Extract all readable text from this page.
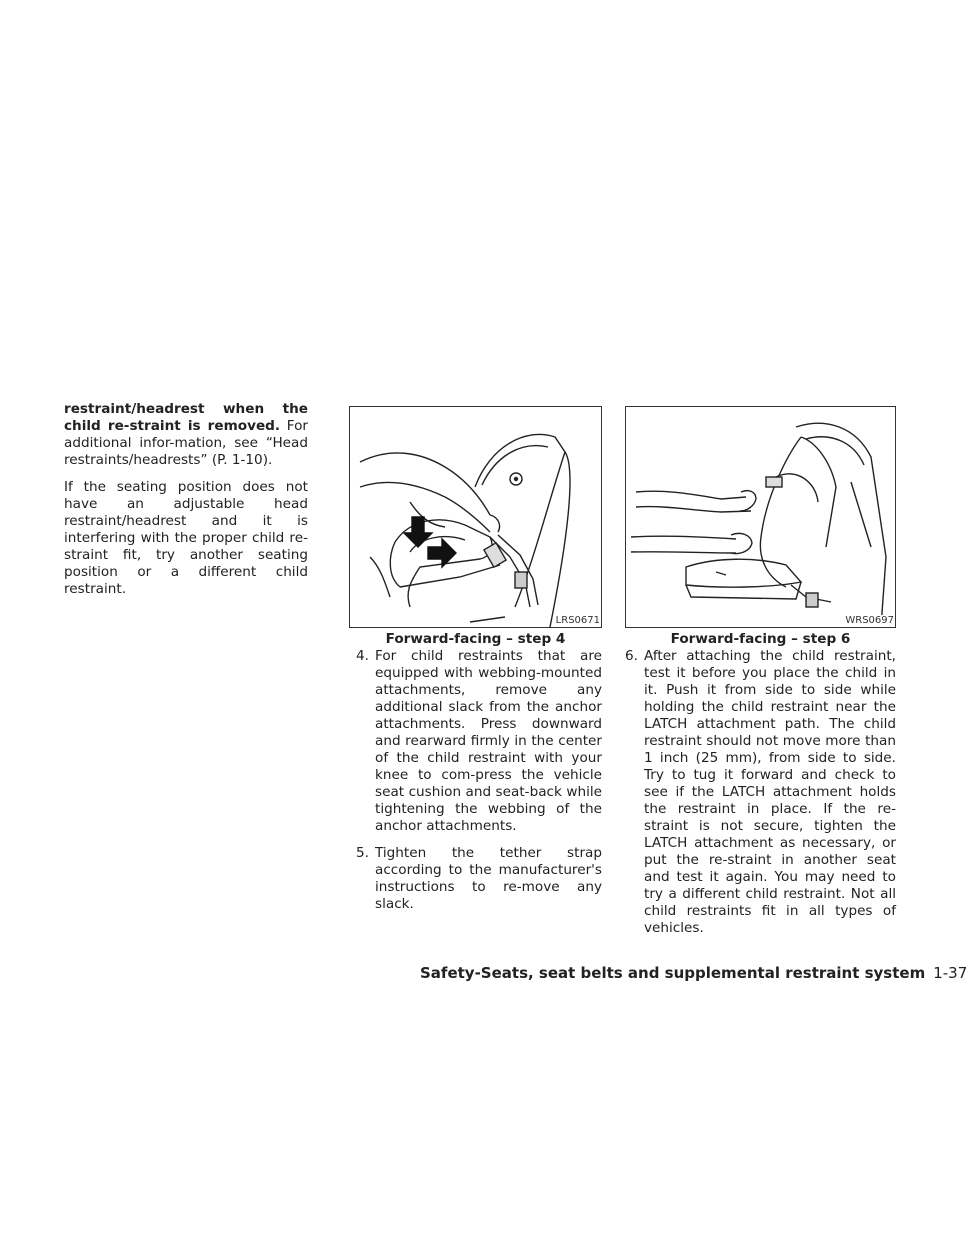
restraint/headrest when the child re-straint is removed. For additional infor-mation, see “Head restraints/headrests” (P. 1-10).

If the seating position does not have an adjustable head restraint/headrest and it is interfering with the proper child re-straint fit, try another seating position or a different child restraint.

LRS0671
Forward-facing – step 4
WRS0697
Forward-facing – step 6
4. For child restraints that are equipped with webbing-mounted attachments, remove any additional slack from the anchor attachments. Press downward and rearward firmly in the center of the child restraint with your knee to com-press the vehicle seat cushion and seat-back while tightening the webbing of the anchor attachments.
5. Tighten the tether strap according to the manufacturer's instructions to re-move any slack.
6. After attaching the child restraint, test it before you place the child in it. Push it from side to side while holding the child restraint near the LATCH attachment path. The child restraint should not move more than 1 inch (25 mm), from side to side. Try to tug it forward and check to see if the LATCH attachment holds the restraint in place. If the re-straint is not secure, tighten the LATCH attachment as necessary, or put the re-straint in another seat and test it again. You may need to try a different child restraint. Not all child restraints fit in all types of vehicles.
Safety-Seats, seat belts and supplemental restraint system 1-37
